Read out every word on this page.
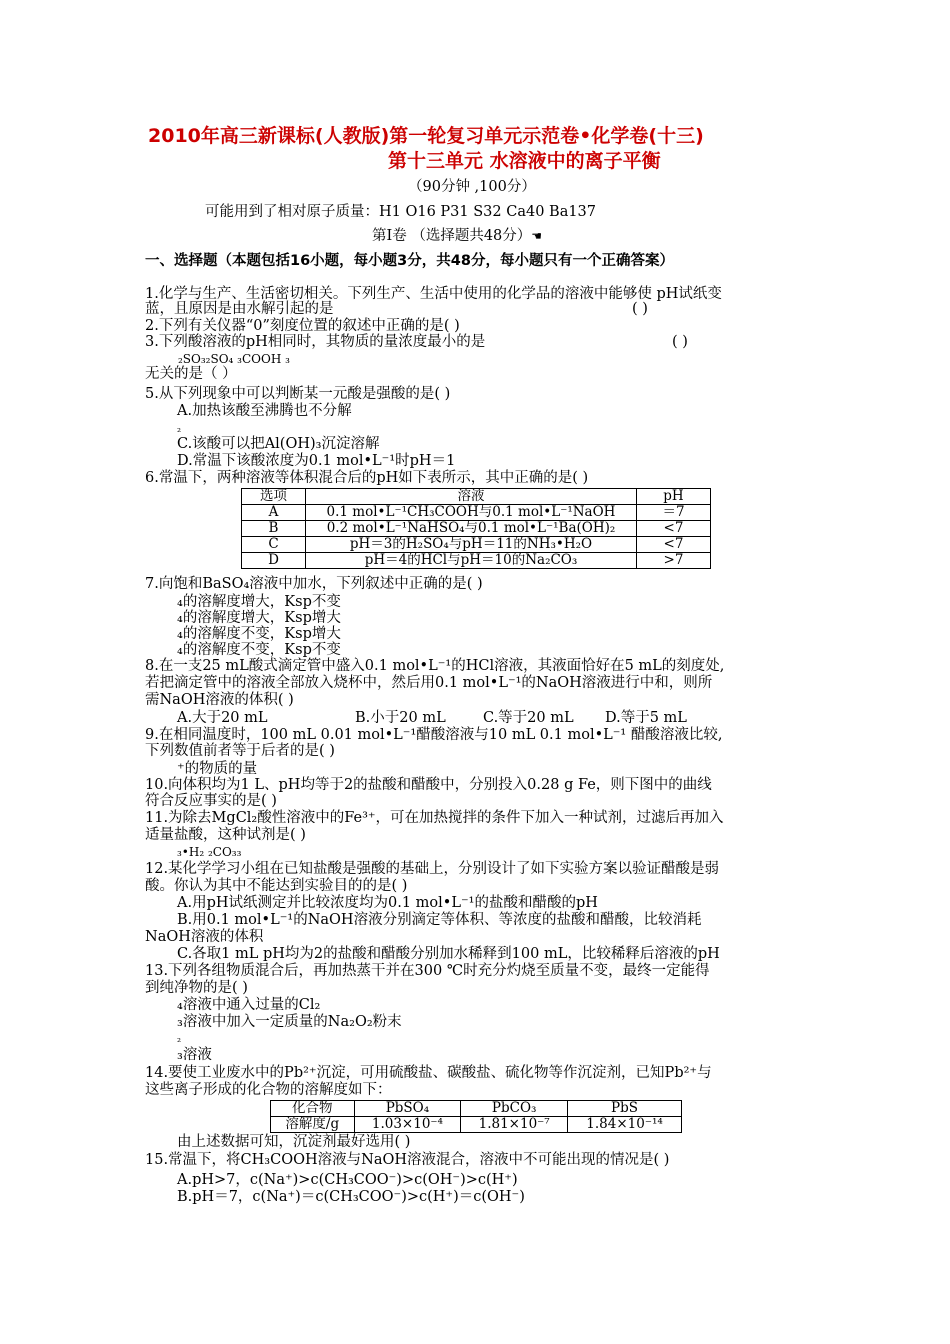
2010年高三新课标(人教版)第一轮复习单元示范卷•化学卷(十三)
第十三单元 水溶液中的离子平衡
（90分钟 ,100分）
可能用到了相对原子质量：H1 O16 P31 S32 Ca40 Ba137
第Ⅰ卷 （选择题共48分）☚
一、选择题（本题包括16小题，每小题3分，共48分，每小题只有一个正确答案）
1.化学与生产、生活密切相关。下列生产、生活中使用的化学品的溶液中能够使 pH试纸变
蓝，且原因是由水解引起的是	( )
2.下列有关仪器“0”刻度位置的叙述中正确的是( )
3.下列酸溶液的pH相同时，其物质的量浓度最小的是	( )
₂SO₃₂SO₄ ₃COOH ₃
无关的是（ ）
5.从下列现象中可以判断某一元酸是强酸的是( )
A.加热该酸至沸腾也不分解
₂
C.该酸可以把Al(OH)₃沉淀溶解
D.常温下该酸浓度为0.1 mol•L⁻¹时pH＝1
6.常温下，两种溶液等体积混合后的pH如下表所示，其中正确的是( )
选项	溶液	pH
A	0.1 mol•L⁻¹CH₃COOH与0.1 mol•L⁻¹NaOH	＝7
B	0.2 mol•L⁻¹NaHSO₄与0.1 mol•L⁻¹Ba(OH)₂	<7
C	pH＝3的H₂SO₄与pH＝11的NH₃•H₂O	<7
D	pH＝4的HCl与pH＝10的Na₂CO₃	>7
7.向饱和BaSO₄溶液中加水，下列叙述中正确的是( )
₄的溶解度增大，Ksp不变
₄的溶解度增大，Ksp增大
₄的溶解度不变，Ksp增大
₄的溶解度不变，Ksp不变
8.在一支25 mL酸式滴定管中盛入0.1 mol•L⁻¹的HCl溶液，其液面恰好在5 mL的刻度处,
若把滴定管中的溶液全部放入烧杯中，然后用0.1 mol•L⁻¹的NaOH溶液进行中和，则所
需NaOH溶液的体积( )
A.大于20 mL	B.小于20 mL	C.等于20 mL D.等于5 mL
9.在相同温度时，100 mL 0.01 mol•L⁻¹醋酸溶液与10 mL 0.1 mol•L⁻¹ 醋酸溶液比较,
下列数值前者等于后者的是( )
⁺的物质的量
10.向体积均为1 L、pH均等于2的盐酸和醋酸中，分别投入0.28 g Fe，则下图中的曲线
符合反应事实的是( )
11.为除去MgCl₂酸性溶液中的Fe³⁺，可在加热搅拌的条件下加入一种试剂，过滤后再加入
适量盐酸，这种试剂是( )
₃•H₂ ₂CO₃₃
12.某化学学习小组在已知盐酸是强酸的基础上，分别设计了如下实验方案以验证醋酸是弱
酸。你认为其中不能达到实验目的的是( )
A.用pH试纸测定并比较浓度均为0.1 mol•L⁻¹的盐酸和醋酸的pH
B.用0.1 mol•L⁻¹的NaOH溶液分别滴定等体积、等浓度的盐酸和醋酸，比较消耗
NaOH溶液的体积
C.各取1 mL pH均为2的盐酸和醋酸分别加水稀释到100 mL，比较稀释后溶液的pH
13.下列各组物质混合后，再加热蒸干并在300 ℃时充分灼烧至质量不变，最终一定能得
到纯净物的是( )
₄溶液中通入过量的Cl₂
₃溶液中加入一定质量的Na₂O₂粉末
₂
₃溶液
14.要使工业废水中的Pb²⁺沉淀，可用硫酸盐、碳酸盐、硫化物等作沉淀剂，已知Pb²⁺与
这些离子形成的化合物的溶解度如下：
化合物	PbSO₄	PbCO₃	PbS
溶解度/g	1.03×10⁻⁴	1.81×10⁻⁷	1.84×10⁻¹⁴
由上述数据可知，沉淀剂最好选用( )
15.常温下，将CH₃COOH溶液与NaOH溶液混合，溶液中不可能出现的情况是( )
A.pH>7，c(Na⁺)>c(CH₃COO⁻)>c(OH⁻)>c(H⁺)
B.pH＝7，c(Na⁺)＝c(CH₃COO⁻)>c(H⁺)＝c(OH⁻)
